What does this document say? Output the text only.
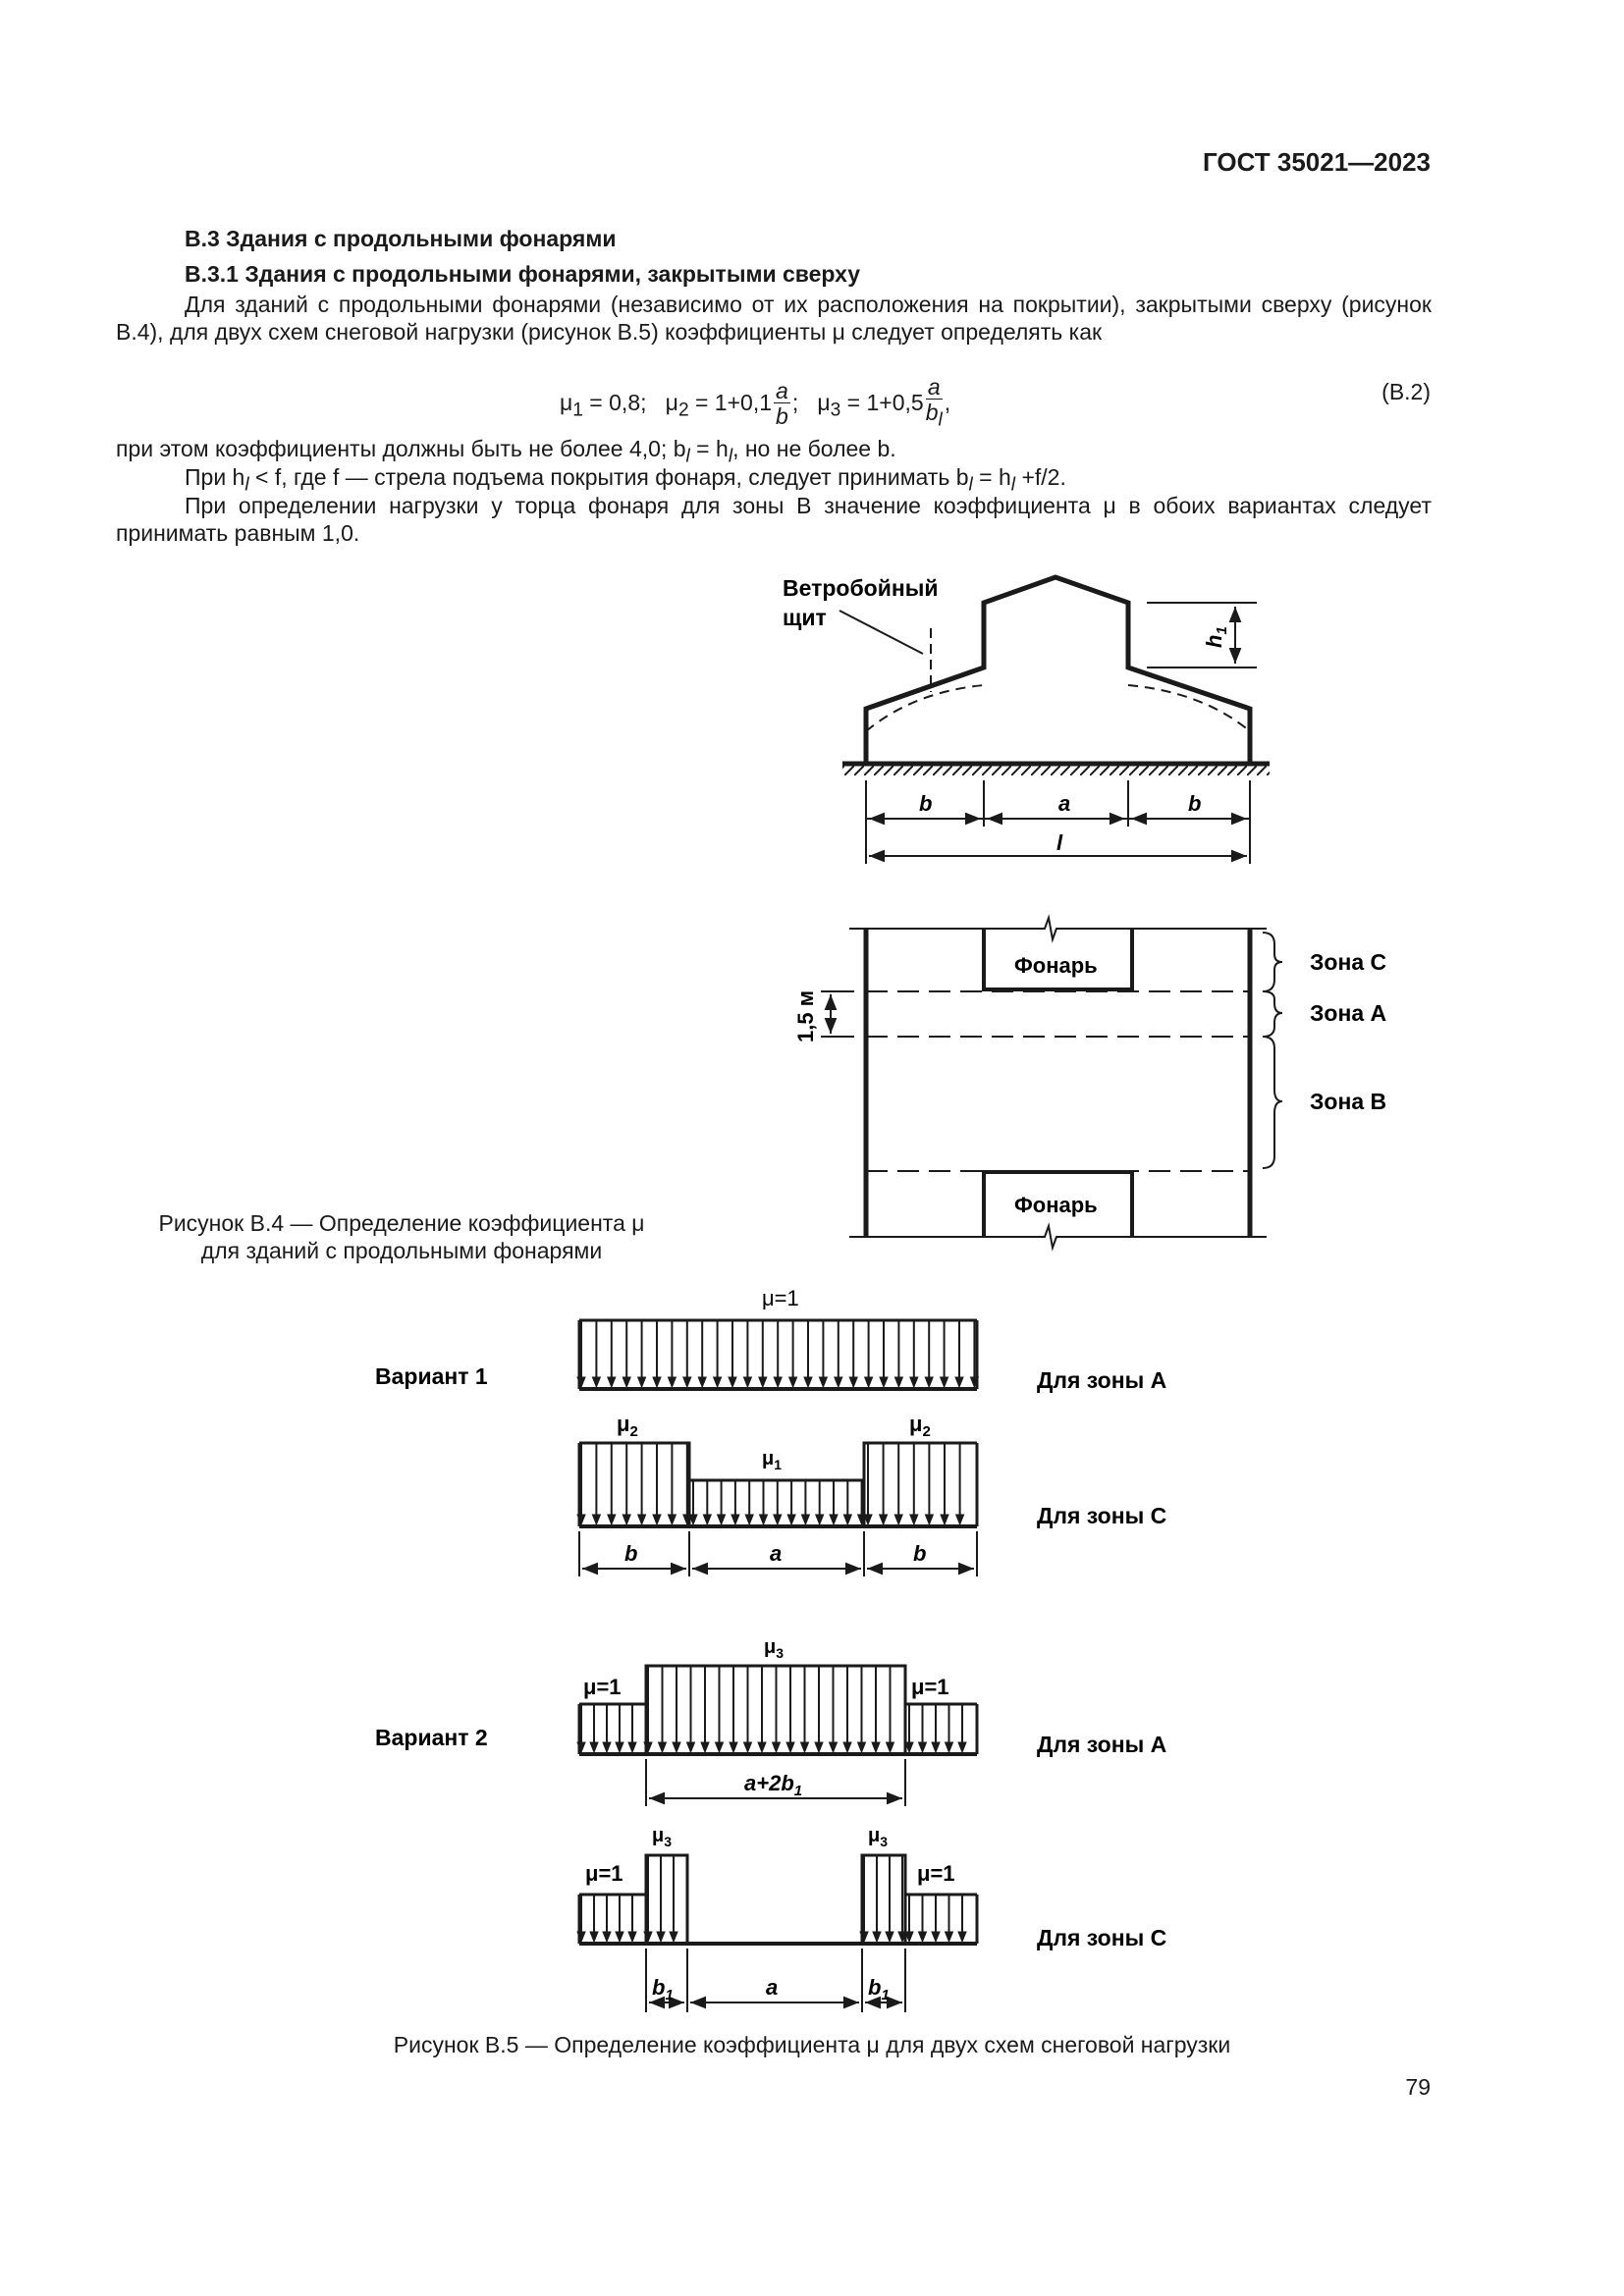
ГОСТ 35021—2023
В.3 Здания с продольными фонарями
В.3.1 Здания с продольными фонарями, закрытыми сверху
Для зданий с продольными фонарями (независимо от их расположения на покрытии), закрытыми сверху (рисунок В.4), для двух схем снеговой нагрузки (рисунок В.5) коэффициенты μ следует определять как
$\mu_1 = 0,8$; $\mu_2 = 1+0,1 \frac{a}{b}$ ; $\mu_3 = 1+0,5 \frac{a}{b_l}$ ,	(В.2)
при этом коэффициенты должны быть не более 4,0; $b_l = h_l$, но не более b.
При $h_l < f$, где f — стрела подъема покрытия фонаря, следует принимать $b_l = h_l +f/2$.
При определении нагрузки у торца фонаря для зоны В значение коэффициента μ в обоих вариантах следует принимать равным 1,0.
Ветробойный
щит
$h_1$
b	a	b
l
Фонарь
Фонарь
1,5 м
Зона С
Зона А
Зона В
Рисунок В.4 — Определение коэффициента μ
для зданий с продольными фонарями
Вариант 1
Вариант 2
Для зоны А
Для зоны С
Для зоны А
Для зоны С
μ=1
$\mu_2$	$\mu_2$
$\mu_1$
b	a	b
$\mu_3$
μ=1	μ=1
$a+2b_1$
$\mu_3$	$\mu_3$
μ=1	μ=1
$b_1$	a	$b_1$
Рисунок В.5 — Определение коэффициента μ для двух схем снеговой нагрузки
79
